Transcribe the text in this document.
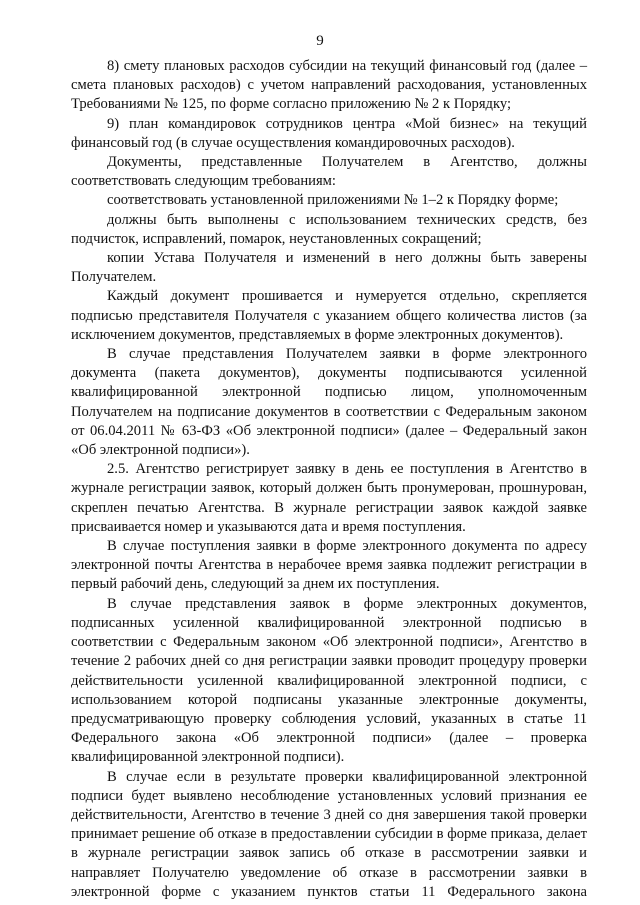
9

8) смету плановых расходов субсидии на текущий финансовый год (далее – смета плановых расходов) с учетом направлений расходования, установленных Требованиями № 125, по форме согласно приложению № 2 к Порядку;

9) план командировок сотрудников центра «Мой бизнес» на текущий финансовый год (в случае осуществления командировочных расходов).

Документы, представленные Получателем в Агентство, должны соответствовать следующим требованиям:

соответствовать установленной приложениями № 1–2 к Порядку форме;

должны быть выполнены с использованием технических средств, без подчисток, исправлений, помарок, неустановленных сокращений;

копии Устава Получателя и изменений в него должны быть заверены Получателем.

Каждый документ прошивается и нумеруется отдельно, скрепляется подписью представителя Получателя с указанием общего количества листов (за исключением документов, представляемых в форме электронных документов).

В случае представления Получателем заявки в форме электронного документа (пакета документов), документы подписываются усиленной квалифицированной электронной подписью лицом, уполномоченным Получателем на подписание документов в соответствии с Федеральным законом от 06.04.2011 № 63-ФЗ «Об электронной подписи» (далее – Федеральный закон «Об электронной подписи»).

2.5. Агентство регистрирует заявку в день ее поступления в Агентство в журнале регистрации заявок, который должен быть пронумерован, прошнурован, скреплен печатью Агентства. В журнале регистрации заявок каждой заявке присваивается номер и указываются дата и время поступления.

В случае поступления заявки в форме электронного документа по адресу электронной почты Агентства в нерабочее время заявка подлежит регистрации в первый рабочий день, следующий за днем их поступления.

В случае представления заявок в форме электронных документов, подписанных усиленной квалифицированной электронной подписью в соответствии с Федеральным законом «Об электронной подписи», Агентство в течение 2 рабочих дней со дня регистрации заявки проводит процедуру проверки действительности усиленной квалифицированной электронной подписи, с использованием которой подписаны указанные электронные документы, предусматривающую проверку соблюдения условий, указанных в статье 11 Федерального закона «Об электронной подписи» (далее – проверка квалифицированной электронной подписи).

В случае если в результате проверки квалифицированной электронной подписи будет выявлено несоблюдение установленных условий признания ее действительности, Агентство в течение 3 дней со дня завершения такой проверки принимает решение об отказе в предоставлении субсидии в форме приказа, делает в журнале регистрации заявок запись об отказе в рассмотрении заявки и направляет Получателю уведомление об отказе в рассмотрении заявки в электронной форме с указанием пунктов статьи 11 Федерального закона
